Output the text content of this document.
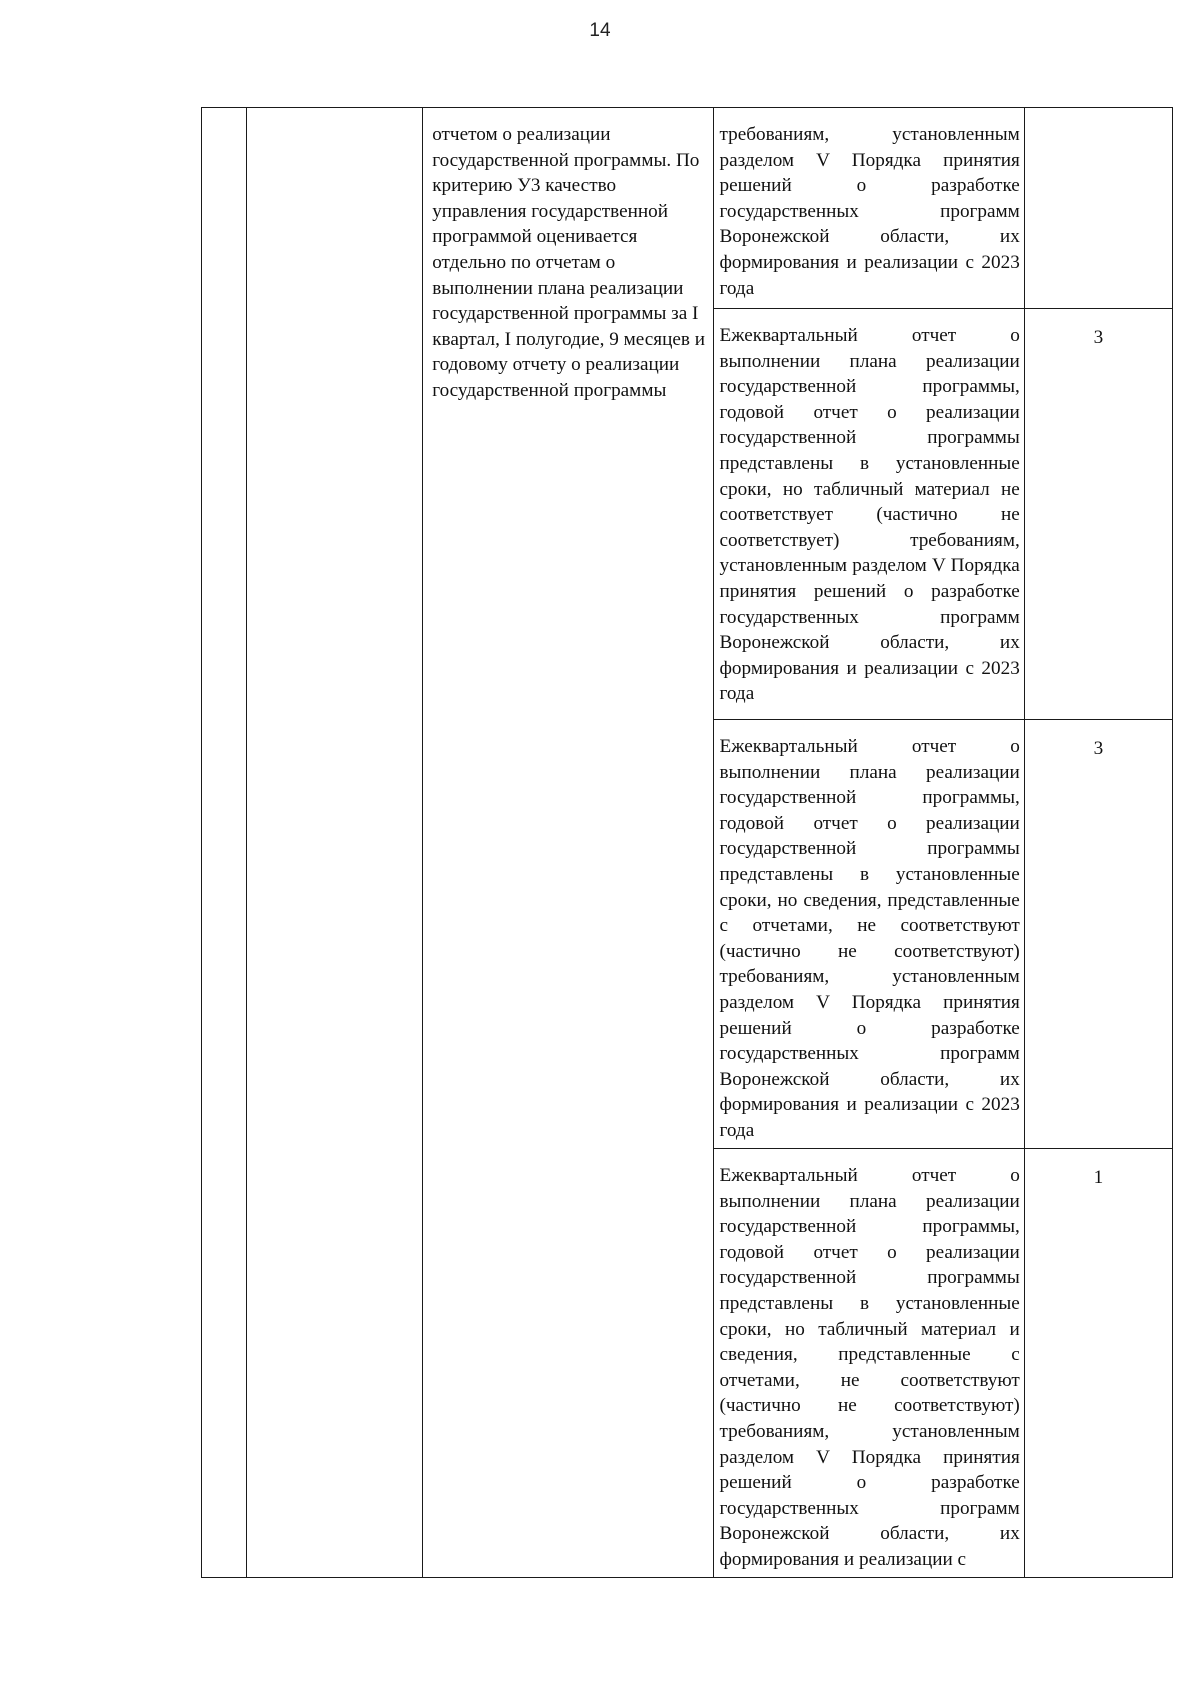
14

		отчетом о реализации государственной программы. По критерию У3 качество управления государственной программой оценивается отдельно по отчетам о выполнении плана реализации государственной программы за I квартал, I полугодие, 9 месяцев и годовому отчету о реализации государственной программы	требованиям, установленным разделом V Порядка принятия решений о разработке государственных программ Воронежской области, их формирования и реализации с 2023 года	

			Ежеквартальный отчет о выполнении плана реализации государственной программы, годовой отчет о реализации государственной программы представлены в установленные сроки, но табличный материал не соответствует (частично не соответствует) требованиям, установленным разделом V Порядка принятия решений о разработке государственных программ Воронежской области, их формирования и реализации с 2023 года	3

			Ежеквартальный отчет о выполнении плана реализации государственной программы, годовой отчет о реализации государственной программы представлены в установленные сроки, но сведения, представленные с отчетами, не соответствуют (частично не соответствуют) требованиям, установленным разделом V Порядка принятия решений о разработке государственных программ Воронежской области, их формирования и реализации с 2023 года	3

			Ежеквартальный отчет о выполнении плана реализации государственной программы, годовой отчет о реализации государственной программы представлены в установленные сроки, но табличный материал и сведения, представленные с отчетами, не соответствуют (частично не соответствуют) требованиям, установленным разделом V Порядка принятия решений о разработке государственных программ Воронежской области, их формирования и реализации с	1
